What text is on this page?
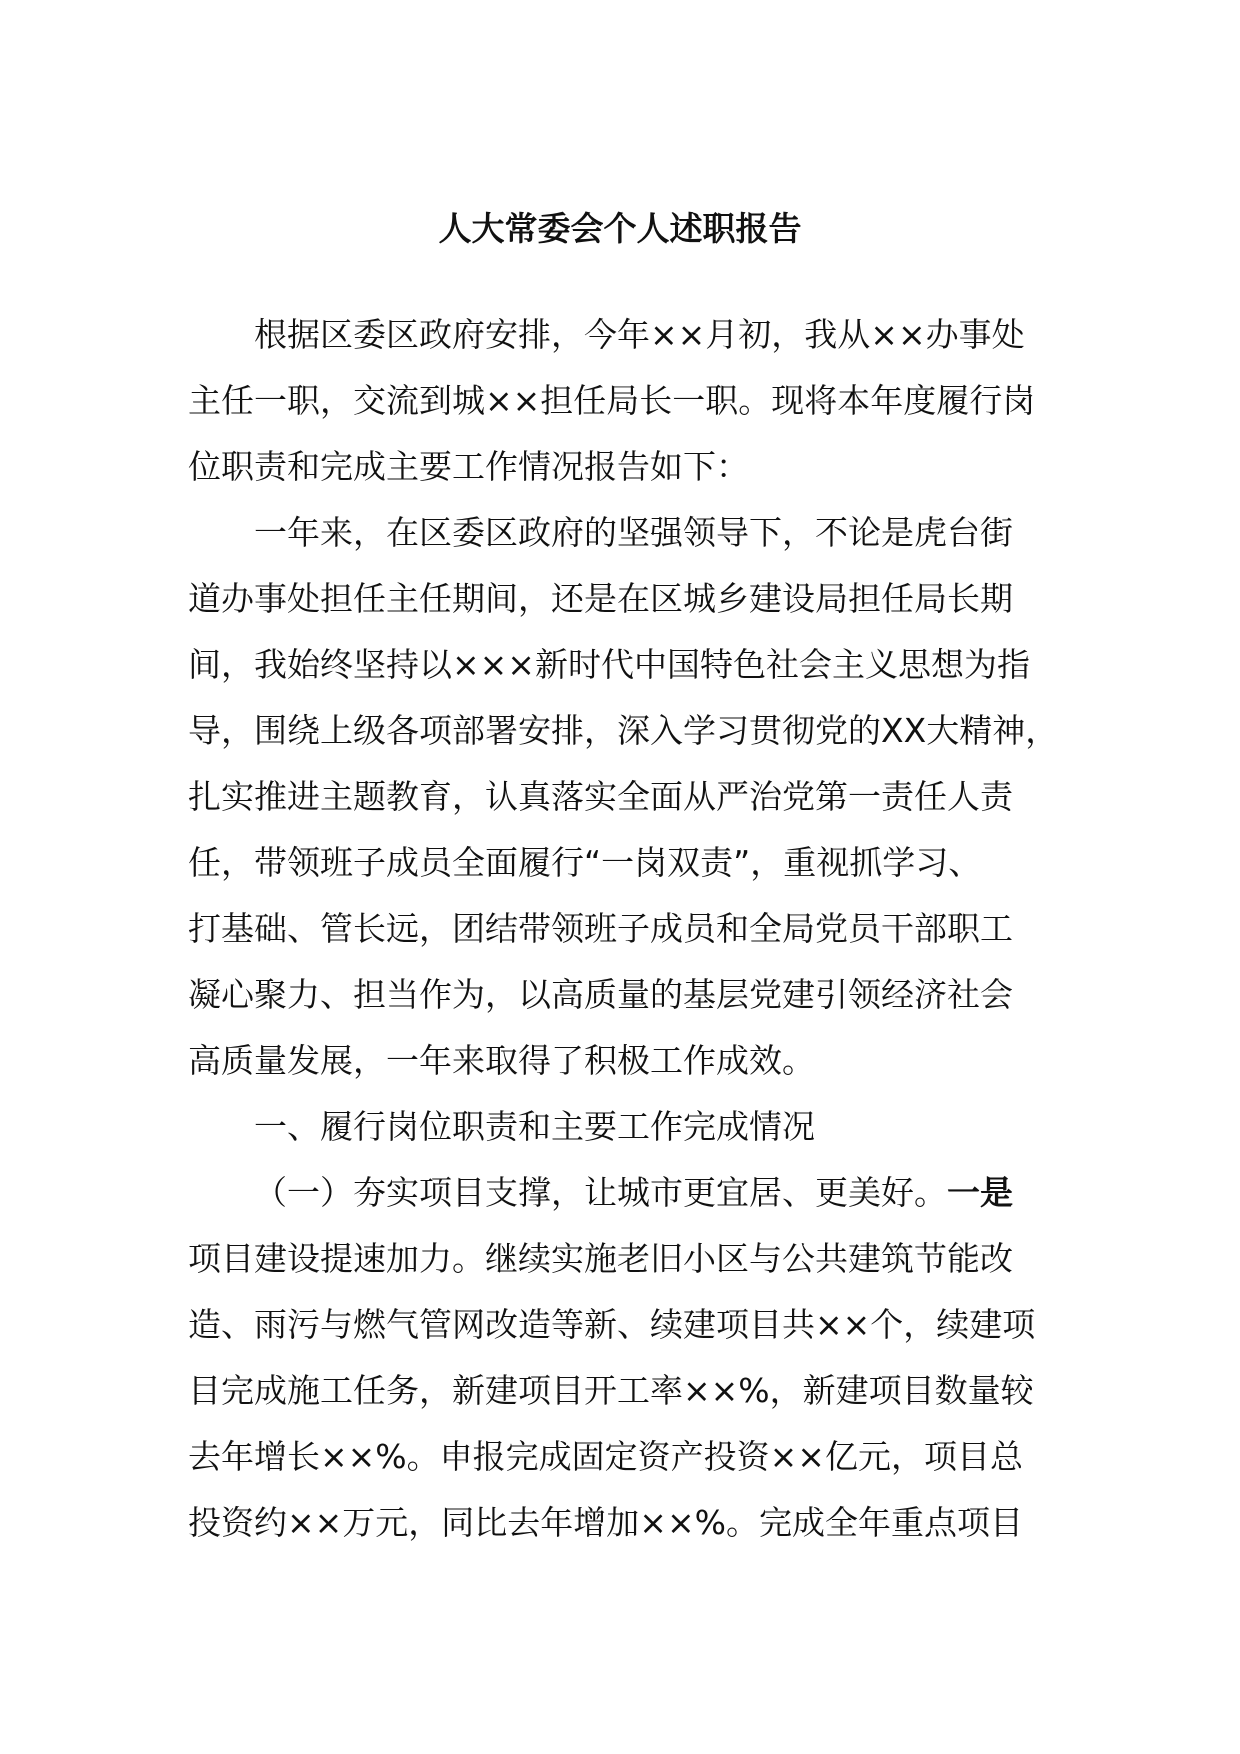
人大常委会个人述职报告
根据区委区政府安排，今年××月初，我从××办事处
主任一职，交流到城××担任局长一职。现将本年度履行岗
位职责和完成主要工作情况报告如下：
一年来，在区委区政府的坚强领导下，不论是虎台街
道办事处担任主任期间，还是在区城乡建设局担任局长期
间，我始终坚持以×××新时代中国特色社会主义思想为指
导，围绕上级各项部署安排，深入学习贯彻党的XX大精神，
扎实推进主题教育，认真落实全面从严治党第一责任人责
任，带领班子成员全面履行“一岗双责”，重视抓学习、
打基础、管长远，团结带领班子成员和全局党员干部职工
凝心聚力、担当作为，以高质量的基层党建引领经济社会
高质量发展，一年来取得了积极工作成效。
一、履行岗位职责和主要工作完成情况
（一）夯实项目支撑，让城市更宜居、更美好。一是
项目建设提速加力。继续实施老旧小区与公共建筑节能改
造、雨污与燃气管网改造等新、续建项目共××个，续建项
目完成施工任务，新建项目开工率××%，新建项目数量较
去年增长××%。申报完成固定资产投资××亿元，项目总
投资约××万元，同比去年增加××%。完成全年重点项目
